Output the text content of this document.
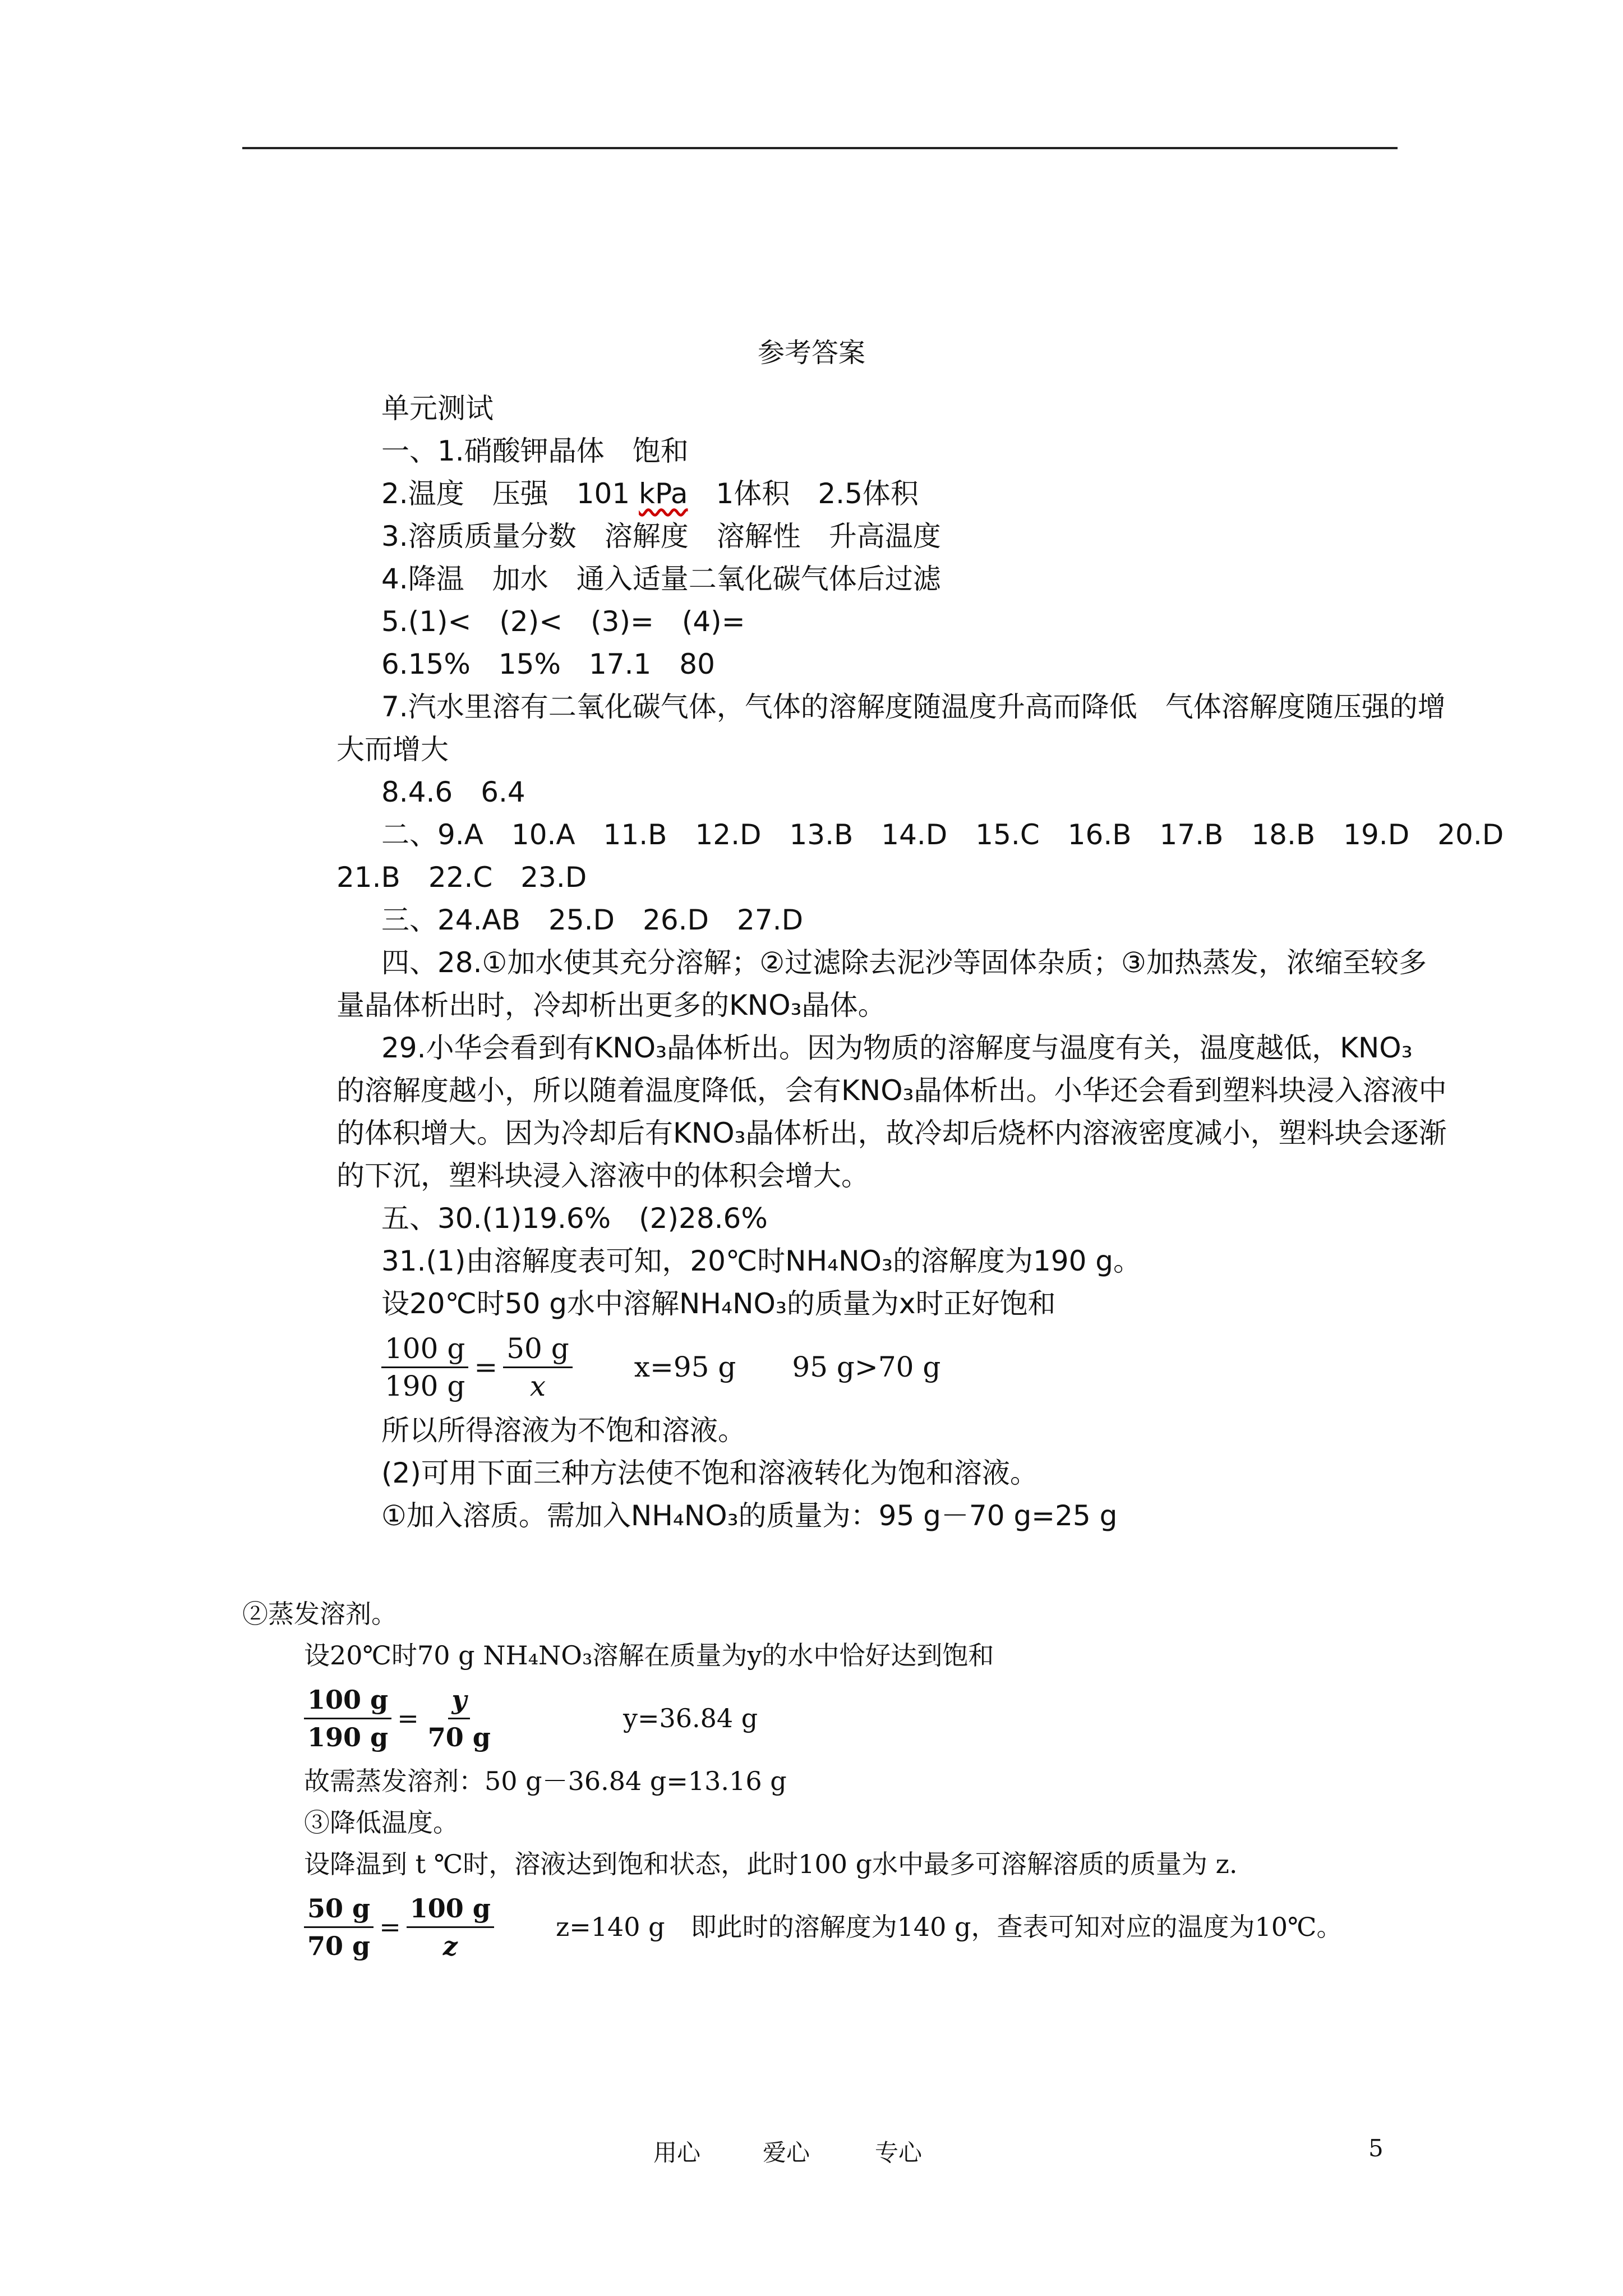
参考答案
单元测试
一、1.硝酸钾晶体　饱和
2.温度　压强　101 kPa　1体积　2.5体积
3.溶质质量分数　溶解度　溶解性　升高温度
4.降温　加水　通入适量二氧化碳气体后过滤
5.(1)<　(2)<　(3)=　(4)=
6.15%　15%　17.1　80
7.汽水里溶有二氧化碳气体，气体的溶解度随温度升高而降低　气体溶解度随压强的增
大而增大
8.4.6　6.4
二、9.A　10.A　11.B　12.D　13.B　14.D　15.C　16.B　17.B　18.B　19.D　20.D
21.B　22.C　23.D
三、24.AB　25.D　26.D　27.D
四、28.①加水使其充分溶解；②过滤除去泥沙等固体杂质；③加热蒸发，浓缩至较多
量晶体析出时，冷却析出更多的KNO₃晶体。
29.小华会看到有KNO₃晶体析出。因为物质的溶解度与温度有关，温度越低，KNO₃
的溶解度越小，所以随着温度降低，会有KNO₃晶体析出。小华还会看到塑料块浸入溶液中
的体积增大。因为冷却后有KNO₃晶体析出，故冷却后烧杯内溶液密度减小，塑料块会逐渐
的下沉，塑料块浸入溶液中的体积会增大。
五、30.(1)19.6%　(2)28.6%
31.(1)由溶解度表可知，20℃时NH₄NO₃的溶解度为190 g。
设20℃时50 g水中溶解NH₄NO₃的质量为x时正好饱和
$\frac{100 g}{190 g} = \frac{50 g}{x} x=95$ g　　95 g>70 g
所以所得溶液为不饱和溶液。
(2)可用下面三种方法使不饱和溶液转化为饱和溶液。
①加入溶质。需加入NH₄NO₃的质量为：95 g－70 g=25 g
②蒸发溶剂。
设20℃时70 g NH₄NO₃溶解在质量为y的水中恰好达到饱和
$\frac{100 g}{190 g} = \frac{y}{70 g}$	y=36.84 g
故需蒸发溶剂：50 g－36.84 g=13.16 g
③降低温度。
设降温到 t ℃时，溶液达到饱和状态，此时100 g水中最多可溶解溶质的质量为 z.
$\frac{50 g}{70 g} = \frac{100 g}{z} z=140$ g　即此时的溶解度为140 g，查表可知对应的温度为10℃。
用心	爱心	专心	5
